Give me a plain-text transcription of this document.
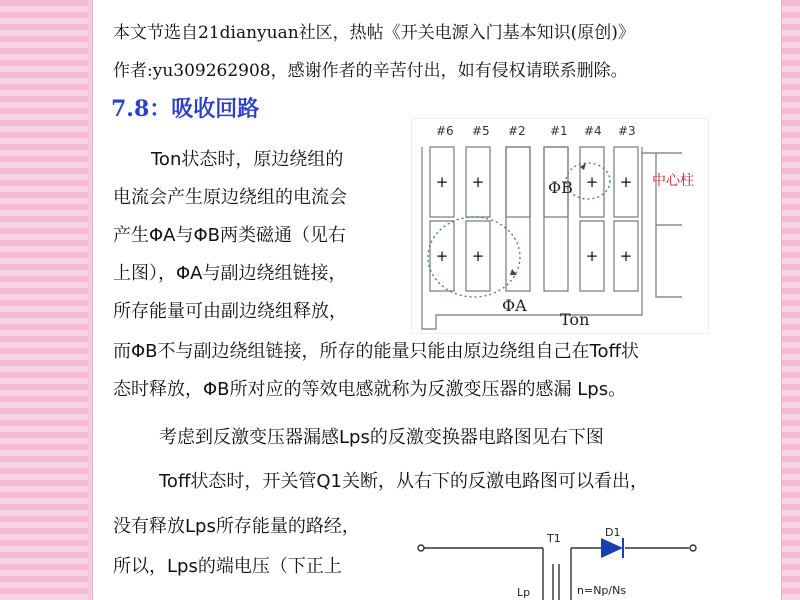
本文节选自21dianyuan社区，热帖《开关电源入门基本知识(原创)》
作者:yu309262908，感谢作者的辛苦付出，如有侵权请联系删除。
7.8：吸收回路
Ton状态时，原边绕组的
电流会产生原边绕组的电流会
产生ΦA与ΦB两类磁通（见右
上图），ΦA与副边绕组链接，
所存能量可由副边绕组释放，
而ΦB不与副边绕组链接，所存的能量只能由原边绕组自己在Toff状
态时释放，ΦB所对应的等效电感就称为反激变压器的感漏 Lps。
考虑到反激变压器漏感Lps的反激变换器电路图见右下图
Toff状态时，开关管Q1关断，从右下的反激电路图可以看出，
没有释放Lps所存能量的路经，
所以，Lps的端电压（下正上
#6 #5 #2 #1 #4 #3
+ +	+ +
+ +	+ +
ΦB
ΦA
Ton
中心柱
T1	D1
Lp	n=Np/Ns
